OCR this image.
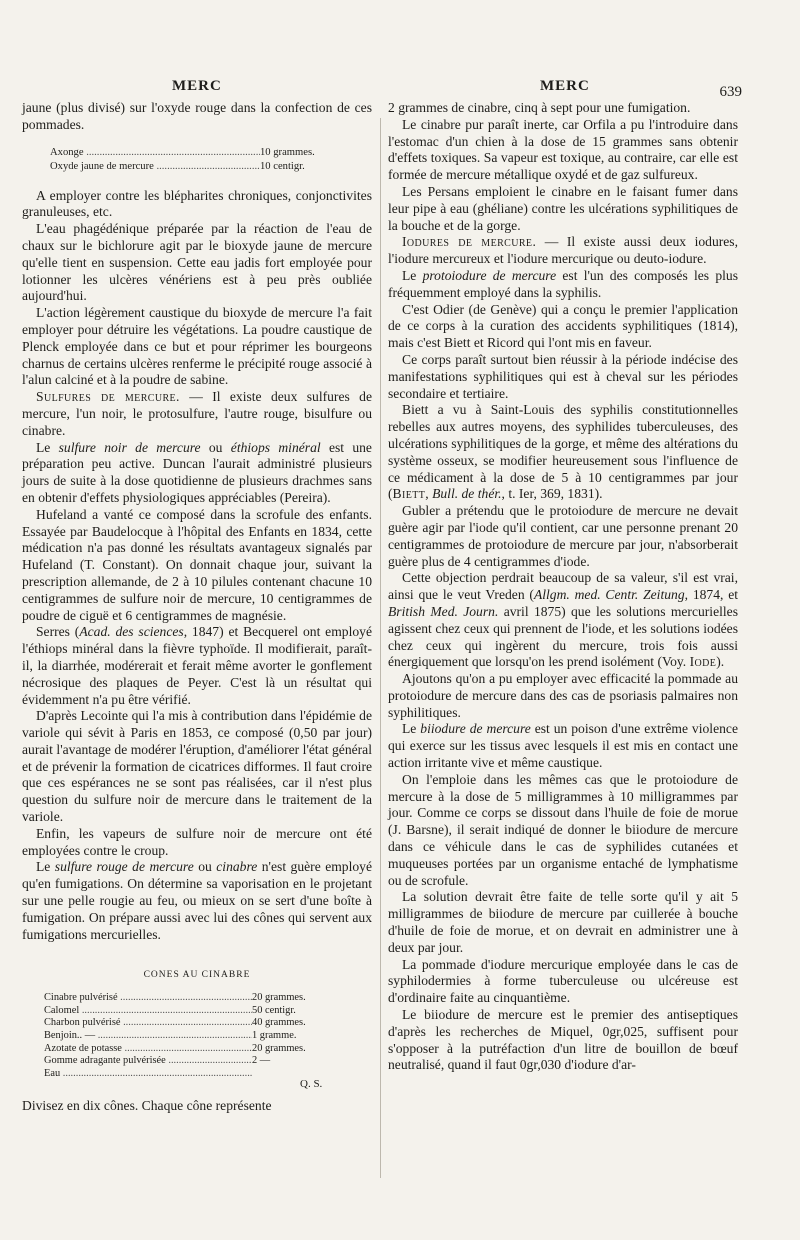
MERC	MERC	639

jaune (plus divisé) sur l'oxyde rouge dans la confection de ces pommades.

Axonge .....	10 grammes.
Oxyde jaune de mercure .....	10 centigr.

A employer contre les blépharites chroniques, conjonctivites granuleuses, etc.

L'eau phagédénique préparée par la réaction de l'eau de chaux sur le bichlorure agit par le bioxyde jaune de mercure qu'elle tient en suspension. Cette eau jadis fort employée pour lotionner les ulcères vénériens est à peu près oubliée aujourd'hui.

L'action légèrement caustique du bioxyde de mercure l'a fait employer pour détruire les végétations. La poudre caustique de Plenck employée dans ce but et pour réprimer les bourgeons charnus de certains ulcères renferme le précipité rouge associé à l'alun calciné et à la poudre de sabine.

Sulfures de mercure. — Il existe deux sulfures de mercure, l'un noir, le protosulfure, l'autre rouge, bisulfure ou cinabre.

Le sulfure noir de mercure ou éthiops minéral est une préparation peu active. Duncan l'aurait administré plusieurs jours de suite à la dose quotidienne de plusieurs drachmes sans en obtenir d'effets physiologiques appréciables (Pereira).

Hufeland a vanté ce composé dans la scrofule des enfants. Essayée par Baudelocque à l'hôpital des Enfants en 1834, cette médication n'a pas donné les résultats avantageux signalés par Hufeland (T. Constant). On donnait chaque jour, suivant la prescription allemande, de 2 à 10 pilules contenant chacune 10 centigrammes de sulfure noir de mercure, 10 centigrammes de poudre de ciguë et 6 centigrammes de magnésie.

Serres (Acad. des sciences, 1847) et Becquerel ont employé l'éthiops minéral dans la fièvre typhoïde. Il modifierait, paraît-il, la diarrhée, modérerait et ferait même avorter le gonflement nécrosique des plaques de Peyer. C'est là un résultat qui évidemment n'a pu être vérifié.

D'après Lecointe qui l'a mis à contribution dans l'épidémie de variole qui sévit à Paris en 1853, ce composé (0,50 par jour) aurait l'avantage de modérer l'éruption, d'améliorer l'état général et de prévenir la formation de cicatrices difformes. Il faut croire que ces espérances ne se sont pas réalisées, car il n'est plus question du sulfure noir de mercure dans le traitement de la variole.

Enfin, les vapeurs de sulfure noir de mercure ont été employées contre le croup.

Le sulfure rouge de mercure ou cinabre n'est guère employé qu'en fumigations. On détermine sa vaporisation en le projetant sur une pelle rougie au feu, ou mieux on se sert d'une boîte à fumigation. On prépare aussi avec lui des cônes qui servent aux fumigations mercurielles.

CONES AU CINABRE
Cinabre pulvérisé .....	20 grammes.
Calomel .....	50 centigr.
Charbon pulvérisé .....	40 grammes.
Benjoin.. — .....	1 gramme.
Azotate de potasse .....	20 grammes.
Gomme adragante pulvérisée .....	2 —
Eau .....
Q. S.

Divisez en dix cônes. Chaque cône représente

2 grammes de cinabre, cinq à sept pour une fumigation.

Le cinabre pur paraît inerte, car Orfila a pu l'introduire dans l'estomac d'un chien à la dose de 15 grammes sans obtenir d'effets toxiques. Sa vapeur est toxique, au contraire, car elle est formée de mercure métallique oxydé et de gaz sulfureux.

Les Persans emploient le cinabre en le faisant fumer dans leur pipe à eau (ghéliane) contre les ulcérations syphilitiques de la bouche et de la gorge.

Iodures de mercure. — Il existe aussi deux iodures, l'iodure mercureux et l'iodure mercurique ou deuto-iodure.

Le protoiodure de mercure est l'un des composés les plus fréquemment employé dans la syphilis.

C'est Odier (de Genève) qui a conçu le premier l'application de ce corps à la curation des accidents syphilitiques (1814), mais c'est Biett et Ricord qui l'ont mis en faveur.

Ce corps paraît surtout bien réussir à la période indécise des manifestations syphilitiques qui est à cheval sur les périodes secondaire et tertiaire.

Biett a vu à Saint-Louis des syphilis constitutionnelles rebelles aux autres moyens, des syphilides tuberculeuses, des ulcérations syphilitiques de la gorge, et même des altérations du système osseux, se modifier heureusement sous l'influence de ce médicament à la dose de 5 à 10 centigrammes par jour (Biett, Bull. de thér., t. Ier, 369, 1831).

Gubler a prétendu que le protoiodure de mercure ne devait guère agir par l'iode qu'il contient, car une personne prenant 20 centigrammes de protoiodure de mercure par jour, n'absorberait guère plus de 4 centigrammes d'iode.

Cette objection perdrait beaucoup de sa valeur, s'il est vrai, ainsi que le veut Vreden (Allgm. med. Centr. Zeitung, 1874, et British Med. Journ. avril 1875) que les solutions mercurielles agissent chez ceux qui prennent de l'iode, et les solutions iodées chez ceux qui ingèrent du mercure, trois fois aussi énergiquement que lorsqu'on les prend isolément (Voy. Iode).

Ajoutons qu'on a pu employer avec efficacité la pommade au protoiodure de mercure dans des cas de psoriasis palmaires non syphilitiques.

Le biiodure de mercure est un poison d'une extrême violence qui exerce sur les tissus avec lesquels il est mis en contact une action irritante vive et même caustique.

On l'emploie dans les mêmes cas que le protoiodure de mercure à la dose de 5 milligrammes à 10 milligrammes par jour. Comme ce corps se dissout dans l'huile de foie de morue (J. Barsne), il serait indiqué de donner le biiodure de mercure dans ce véhicule dans le cas de syphilides cutanées et muqueuses portées par un organisme entaché de lymphatisme ou de scrofule.

La solution devrait être faite de telle sorte qu'il y ait 5 milligrammes de biiodure de mercure par cuillerée à bouche d'huile de foie de morue, et on devrait en administrer une à deux par jour.

La pommade d'iodure mercurique employée dans le cas de syphilodermies à forme tuberculeuse ou ulcéreuse est d'ordinaire faite au cinquantième.

Le biiodure de mercure est le premier des antiseptiques d'après les recherches de Miquel, 0gr,025, suffisent pour s'opposer à la putréfaction d'un litre de bouillon de bœuf neutralisé, quand il faut 0gr,030 d'iodure d'ar-
